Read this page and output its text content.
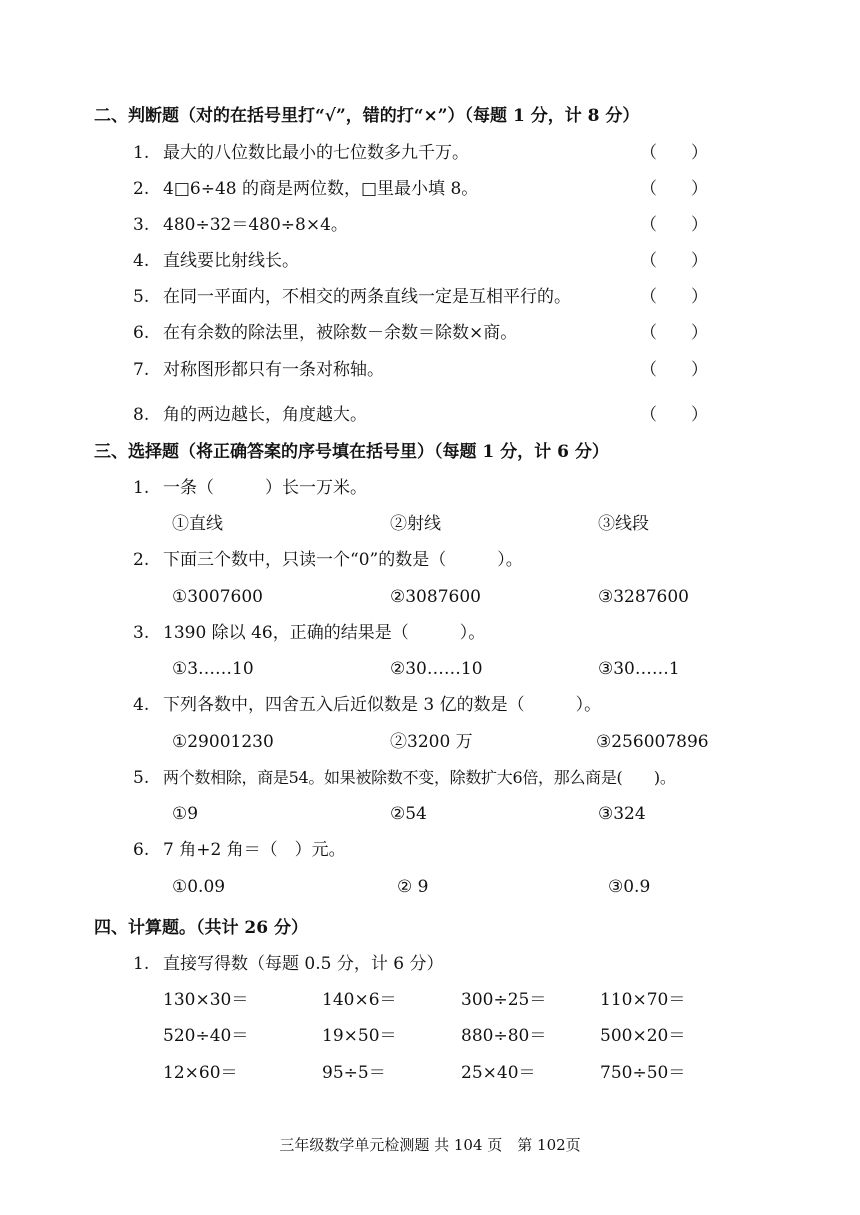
二、判断题（对的在括号里打“√”，错的打“×”）（每题 1 分，计 8 分）
1. 最大的八位数比最小的七位数多九千万。	（　　）
2. 4□6÷48 的商是两位数，□里最小填 8。	（　　）
3. 480÷32＝480÷8×4。	（　　）
4. 直线要比射线长。	（　　）
5. 在同一平面内，不相交的两条直线一定是互相平行的。	（　　）
6. 在有余数的除法里，被除数－余数＝除数×商。	（　　）
7. 对称图形都只有一条对称轴。	（　　）
8. 角的两边越长，角度越大。	（　　）
三、选择题（将正确答案的序号填在括号里）（每题 1 分，计 6 分）
1. 一条（　　　）长一万米。
①直线	②射线	③线段
2. 下面三个数中，只读一个“0”的数是（　　　）。
①3007600	②3087600	③3287600
3. 1390 除以 46，正确的结果是（　　　）。
①3……10	②30……10	③30……1
4. 下列各数中，四舍五入后近似数是 3 亿的数是（　　　）。
①29001230	②3200 万	③256007896
5. 两个数相除，商是54。如果被除数不变，除数扩大6倍，那么商是(　　)。
①9	②54	③324
6. 7 角+2 角＝（　）元。
①0.09	② 9	③0.9
四、计算题。（共计 26 分）
1. 直接写得数（每题 0.5 分，计 6 分）
130×30＝	140×6＝	300÷25＝	110×70＝
520÷40＝	19×50＝	880÷80＝	500×20＝
12×60＝	95÷5＝	25×40＝	750÷50＝
三年级数学单元检测题 共 104 页　第 102页
